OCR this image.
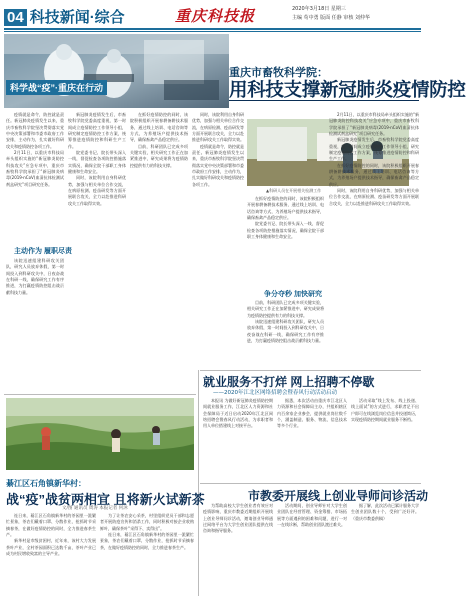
04 科技新闻·综合	重庆科技报	2020年3月18日 星期三
主编 苟中勇 版面 任静 审核 刘仲华
科学战“疫”·重庆在行动
重庆市畜牧科学院：
用科技支撑新冠肺炎疫情防控

疫情就是命令，防控就是责任。新冠肺炎疫情发生以来，重庆市畜牧科学院坚决贯彻落实党中央决策部署和市委市政府工作安排，主动作为，扎实做好科研攻关和疫情防控各项工作。

2月11日，以重庆市科技局牵头组织实施的“新冠肺炎防控科技攻关”应急专项中，重庆市畜牧科学院承担了“新冠肺炎病毒(2019-nCoV)血清抗体检测试剂盒研究”项目研究任务。

主动作为 履职尽责

该院迅速组建科研攻关团队，研究人员放弃休假，第一时间投入到科研攻关中，日夜奋战在科研一线，确保研究工作有序推进，为打赢疫情防控阻击战贡献科技力量。

新冠肺炎疫情发生后，市畜牧科学院党委高度重视，第一时间成立疫情防控工作领导小组，研究制定疫情防控工作方案，统筹推进疫情防控和科研生产工作。

院党委书记、院长带头深入一线，督促检查各项防控措施落实情况，确保全院干部职工身体健康和生命安全。

同时，该院利用自身科研优势，加强与相关单位合作交流，在病原检测、疫苗研发等方面开展联合攻关，全力以赴推进科研攻关工作取得实效。

在抓好疫情防控的同时，该院积极组织开展春耕备耕技术服务，通过线上培训、电话咨询等方式，为养殖场户提供技术指导，确保畜禽产品稳定供应。

目前，科研团队已完成多项关键实验，相关研究工作正在加紧推进中，研究成果将为疫情防控提供有力的科技支撑。

同时，该院利用自身科研优势，加强与相关单位合作交流，在病原检测、疫苗研发等方面开展联合攻关，全力以赴推进科研攻关工作取得实效。

疫情就是命令，防控就是责任。新冠肺炎疫情发生以来，重庆市畜牧科学院坚决贯彻落实党中央决策部署和市委市政府工作安排，主动作为，扎实做好科研攻关和疫情防控各项工作。

▲科研人员在开展相关检测工作

在抓好疫情防控的同时，该院积极组织开展春耕备耕技术服务，通过线上培训、电话咨询等方式，为养殖场户提供技术指导，确保畜禽产品稳定供应。

院党委书记、院长带头深入一线，督促检查各项防控措施落实情况，确保全院干部职工身体健康和生命安全。

争分夺秒 加快研究

目前，科研团队已完成多项关键实验，相关研究工作正在加紧推进中，研究成果将为疫情防控提供有力的科技支撑。

该院迅速组建科研攻关团队，研究人员放弃休假，第一时间投入到科研攻关中，日夜奋战在科研一线，确保研究工作有序推进，为打赢疫情防控阻击战贡献科技力量。

2月11日，以重庆市科技局牵头组织实施的“新冠肺炎防控科技攻关”应急专项中，重庆市畜牧科学院承担了“新冠肺炎病毒(2019-nCoV)血清抗体检测试剂盒研究”项目研究任务。

新冠肺炎疫情发生后，市畜牧科学院党委高度重视，第一时间成立疫情防控工作领导小组，研究制定疫情防控工作方案，统筹推进疫情防控和科研生产工作。

在抓好疫情防控的同时，该院积极组织开展春耕备耕技术服务，通过线上培训、电话咨询等方式，为养殖场户提供技术指导，确保畜禽产品稳定供应。

同时，该院利用自身科研优势，加强与相关单位合作交流，在病原检测、疫苗研发等方面开展联合攻关，全力以赴推进科研攻关工作取得实效。

綦江区石角镇新华村：
战“疫”战贫两相宜 且将新火试新茶
文/图 通讯员 周涛 本报记者 何沐

连日来，綦江区石角镇新华村的茶园里一派繁忙景象，茶农们戴着口罩、分散作业，抢抓时节采摘春茶，在做好疫情防控的同时，全力推进春茶生产。

新华村是市级贫困村，近年来，该村大力发展茶叶产业，全村茶园面积已达数千亩，茶叶产业已成为村民增收致富的主导产业。

为了让茶农安心采茶，村里组织党员干部和志愿者开展防疫宣传和消杀工作，同时积极对接企业收购鲜叶，确保茶叶“采得下、卖得出”。

连日来，綦江区石角镇新华村的茶园里一派繁忙景象，茶农们戴着口罩、分散作业，抢抓时节采摘春茶，在做好疫情防控的同时，全力推进春茶生产。

就业服务不打烊 网上招聘不停歇
——2020年江北区网络招聘会暨春风行动活动启动

本报讯 为做好新冠肺炎疫情防控期间就业服务工作，江北区人力资源和社会保障局于近日启动2020年江北区网络招聘会暨春风行动活动，为求职者和用人单位搭建线上对接平台。

据悉，本次活动由重庆市江北区人力资源和社会保障局主办，共组织辖区内百余家企业参会，提供就业岗位数千个，涵盖制造、服务、物流、信息技术等多个行业。

活动采取“线上发布、线上投递、线上面试”的方式进行，求职者足不出户即可在线浏览岗位信息并投递简历，实现疫情防控期间就业服务不断档。

市教委开展线上创业导师问诊活动

为帮助高校大学生创业者有效应对疫情影响，重庆市教委近期组织开展线上创业导师问诊活动，邀请创业导师通过网络平台为大学生创业团队提供在线咨询和指导服务。

活动期间，创业导师针对大学生创业团队在经营管理、资金筹措、市场拓展等方面遇到的困难和问题，进行一对一在线诊断，帮助创业团队渡过难关。

据了解，此次活动已累计服务大学生创业团队数十个，受到广泛好评。（重庆市教委供稿）
